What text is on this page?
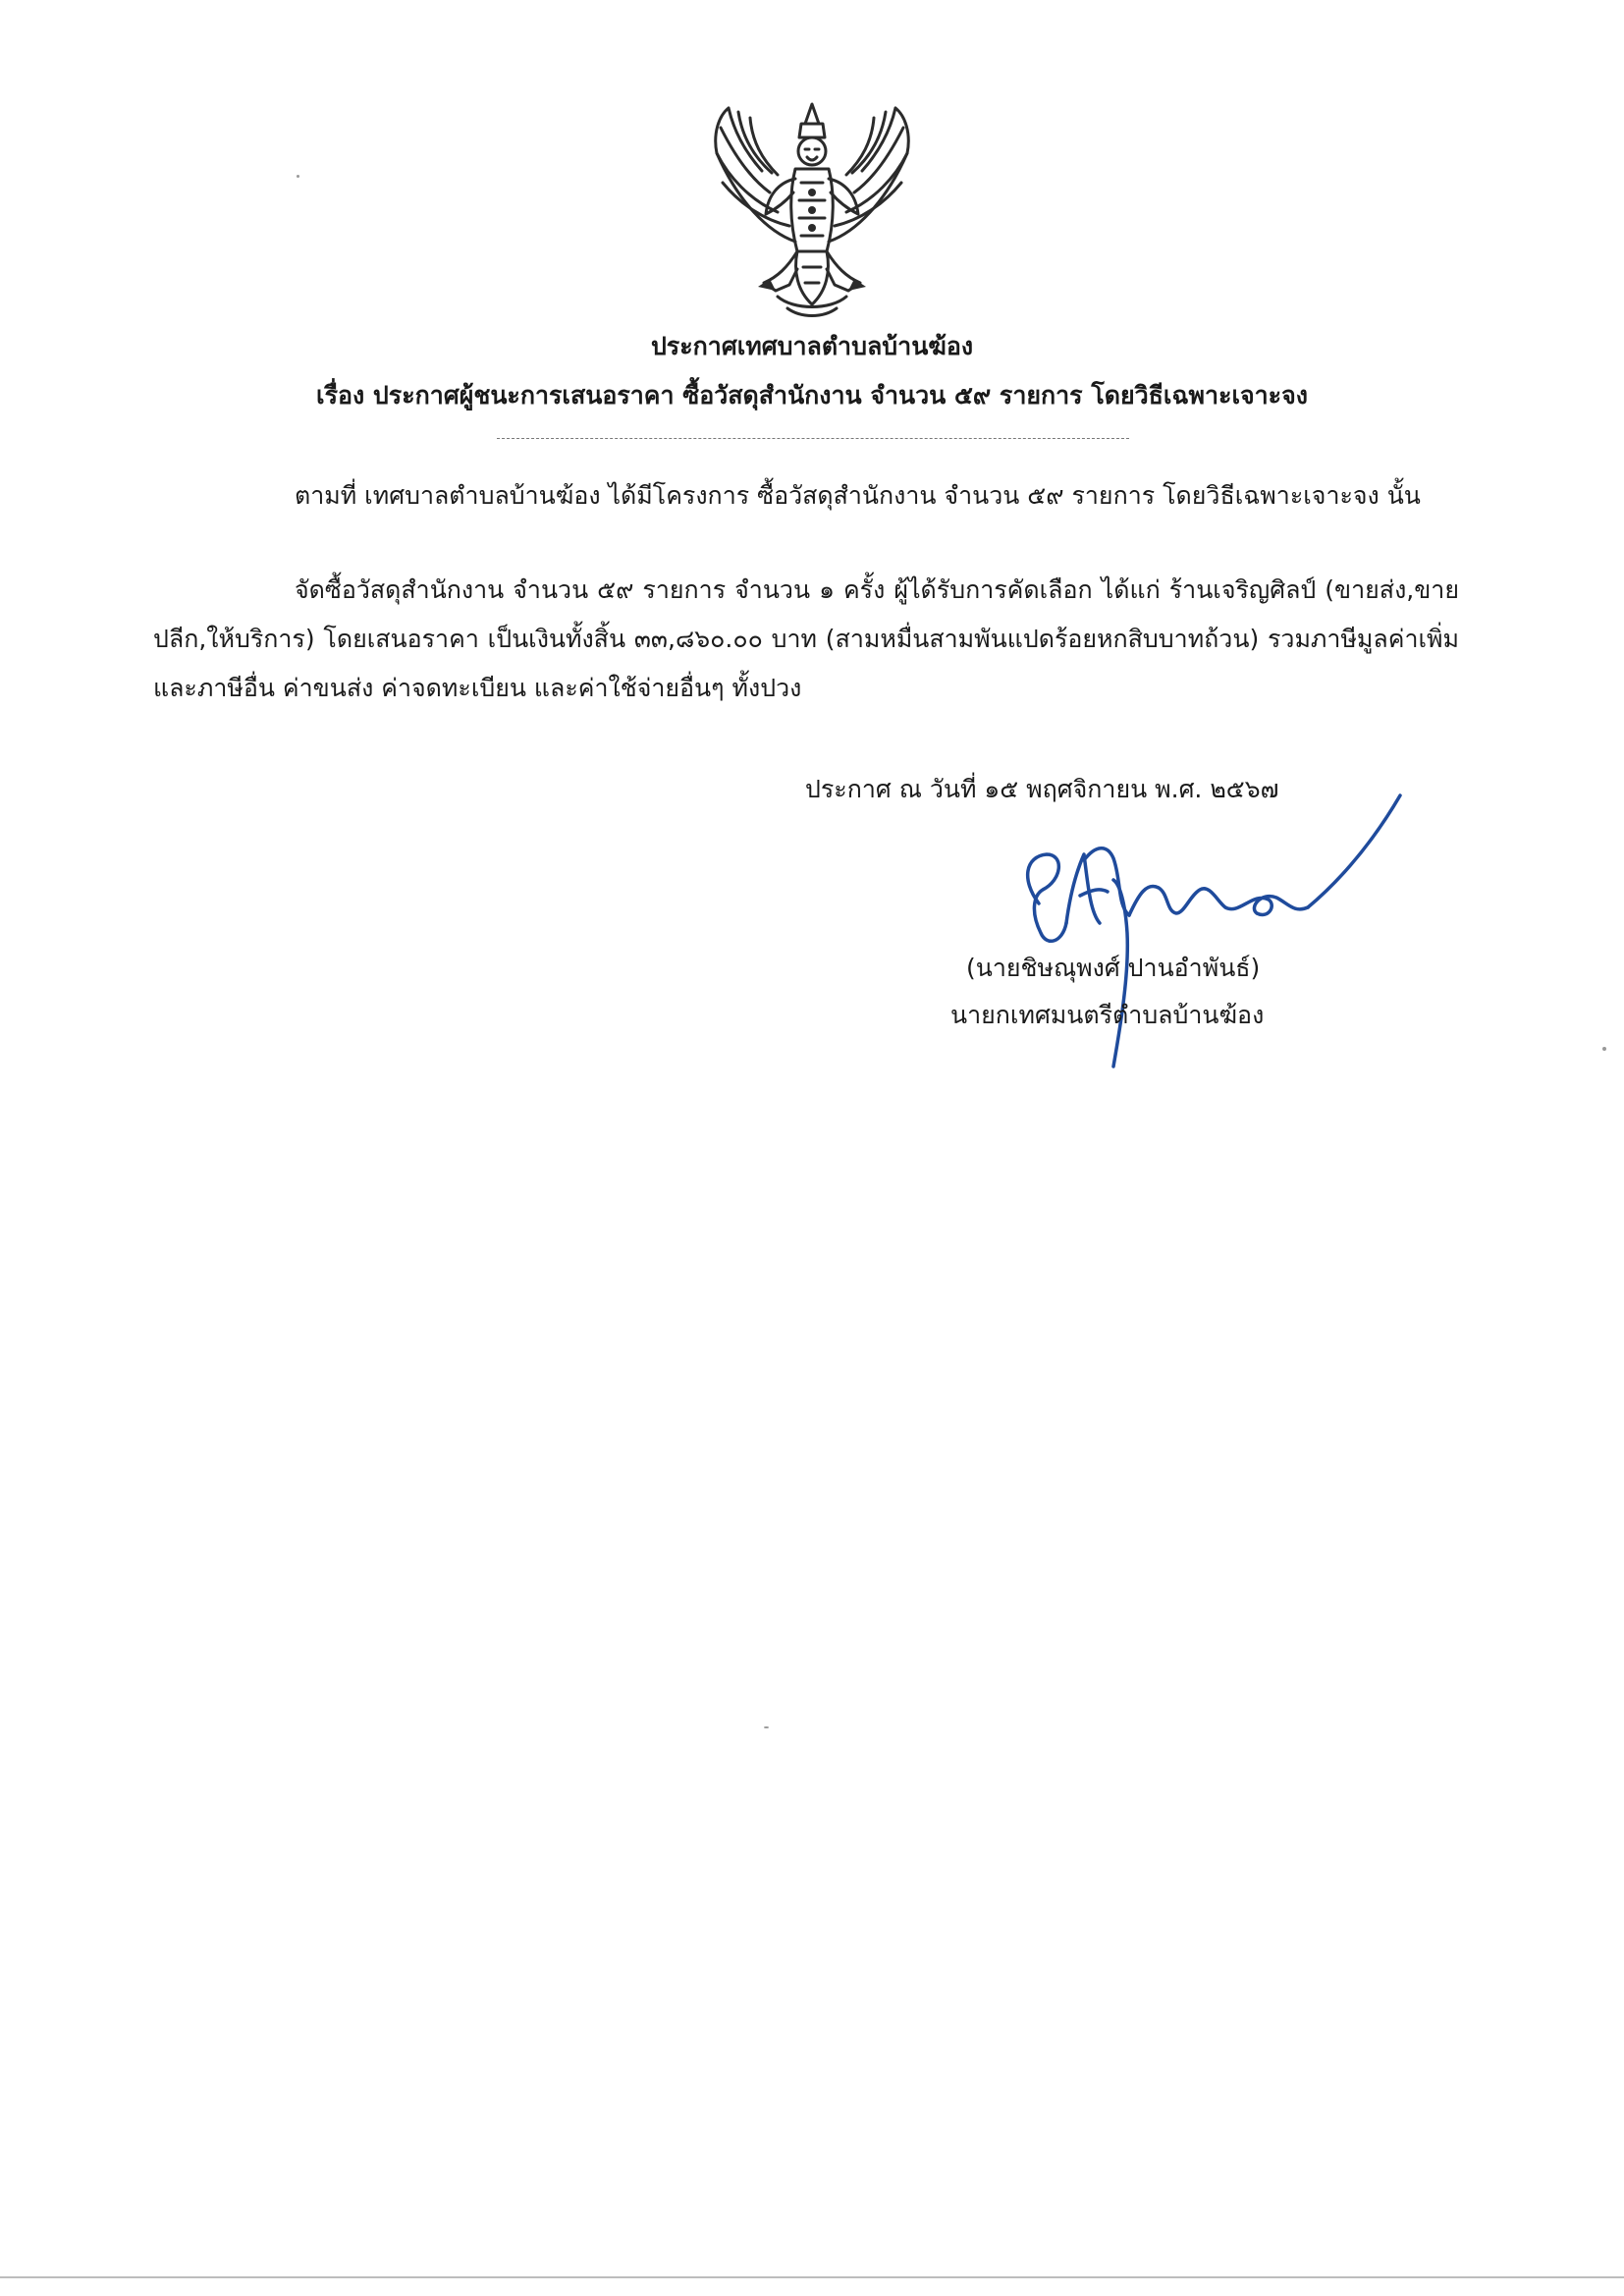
ประกาศเทศบาลตำบลบ้านฆ้อง
เรื่อง ประกาศผู้ชนะการเสนอราคา ซื้อวัสดุสำนักงาน จำนวน ๕๙ รายการ โดยวิธีเฉพาะเจาะจง
ตามที่ เทศบาลตำบลบ้านฆ้อง ได้มีโครงการ ซื้อวัสดุสำนักงาน จำนวน ๕๙ รายการ โดยวิธีเฉพาะเจาะจง นั้น
จัดซื้อวัสดุสำนักงาน จำนวน ๕๙ รายการ จำนวน ๑ ครั้ง ผู้ได้รับการคัดเลือก ได้แก่ ร้านเจริญศิลป์ (ขายส่ง,ขายปลีก,ให้บริการ) โดยเสนอราคา เป็นเงินทั้งสิ้น ๓๓,๘๖๐.๐๐ บาท (สามหมื่นสามพันแปดร้อยหกสิบบาทถ้วน) รวมภาษีมูลค่าเพิ่มและภาษีอื่น ค่าขนส่ง ค่าจดทะเบียน และค่าใช้จ่ายอื่นๆ ทั้งปวง
ประกาศ ณ วันที่ ๑๕ พฤศจิกายน พ.ศ. ๒๕๖๗
(นายชิษณุพงศ์ ปานอำพันธ์)
นายกเทศมนตรีตำบลบ้านฆ้อง
